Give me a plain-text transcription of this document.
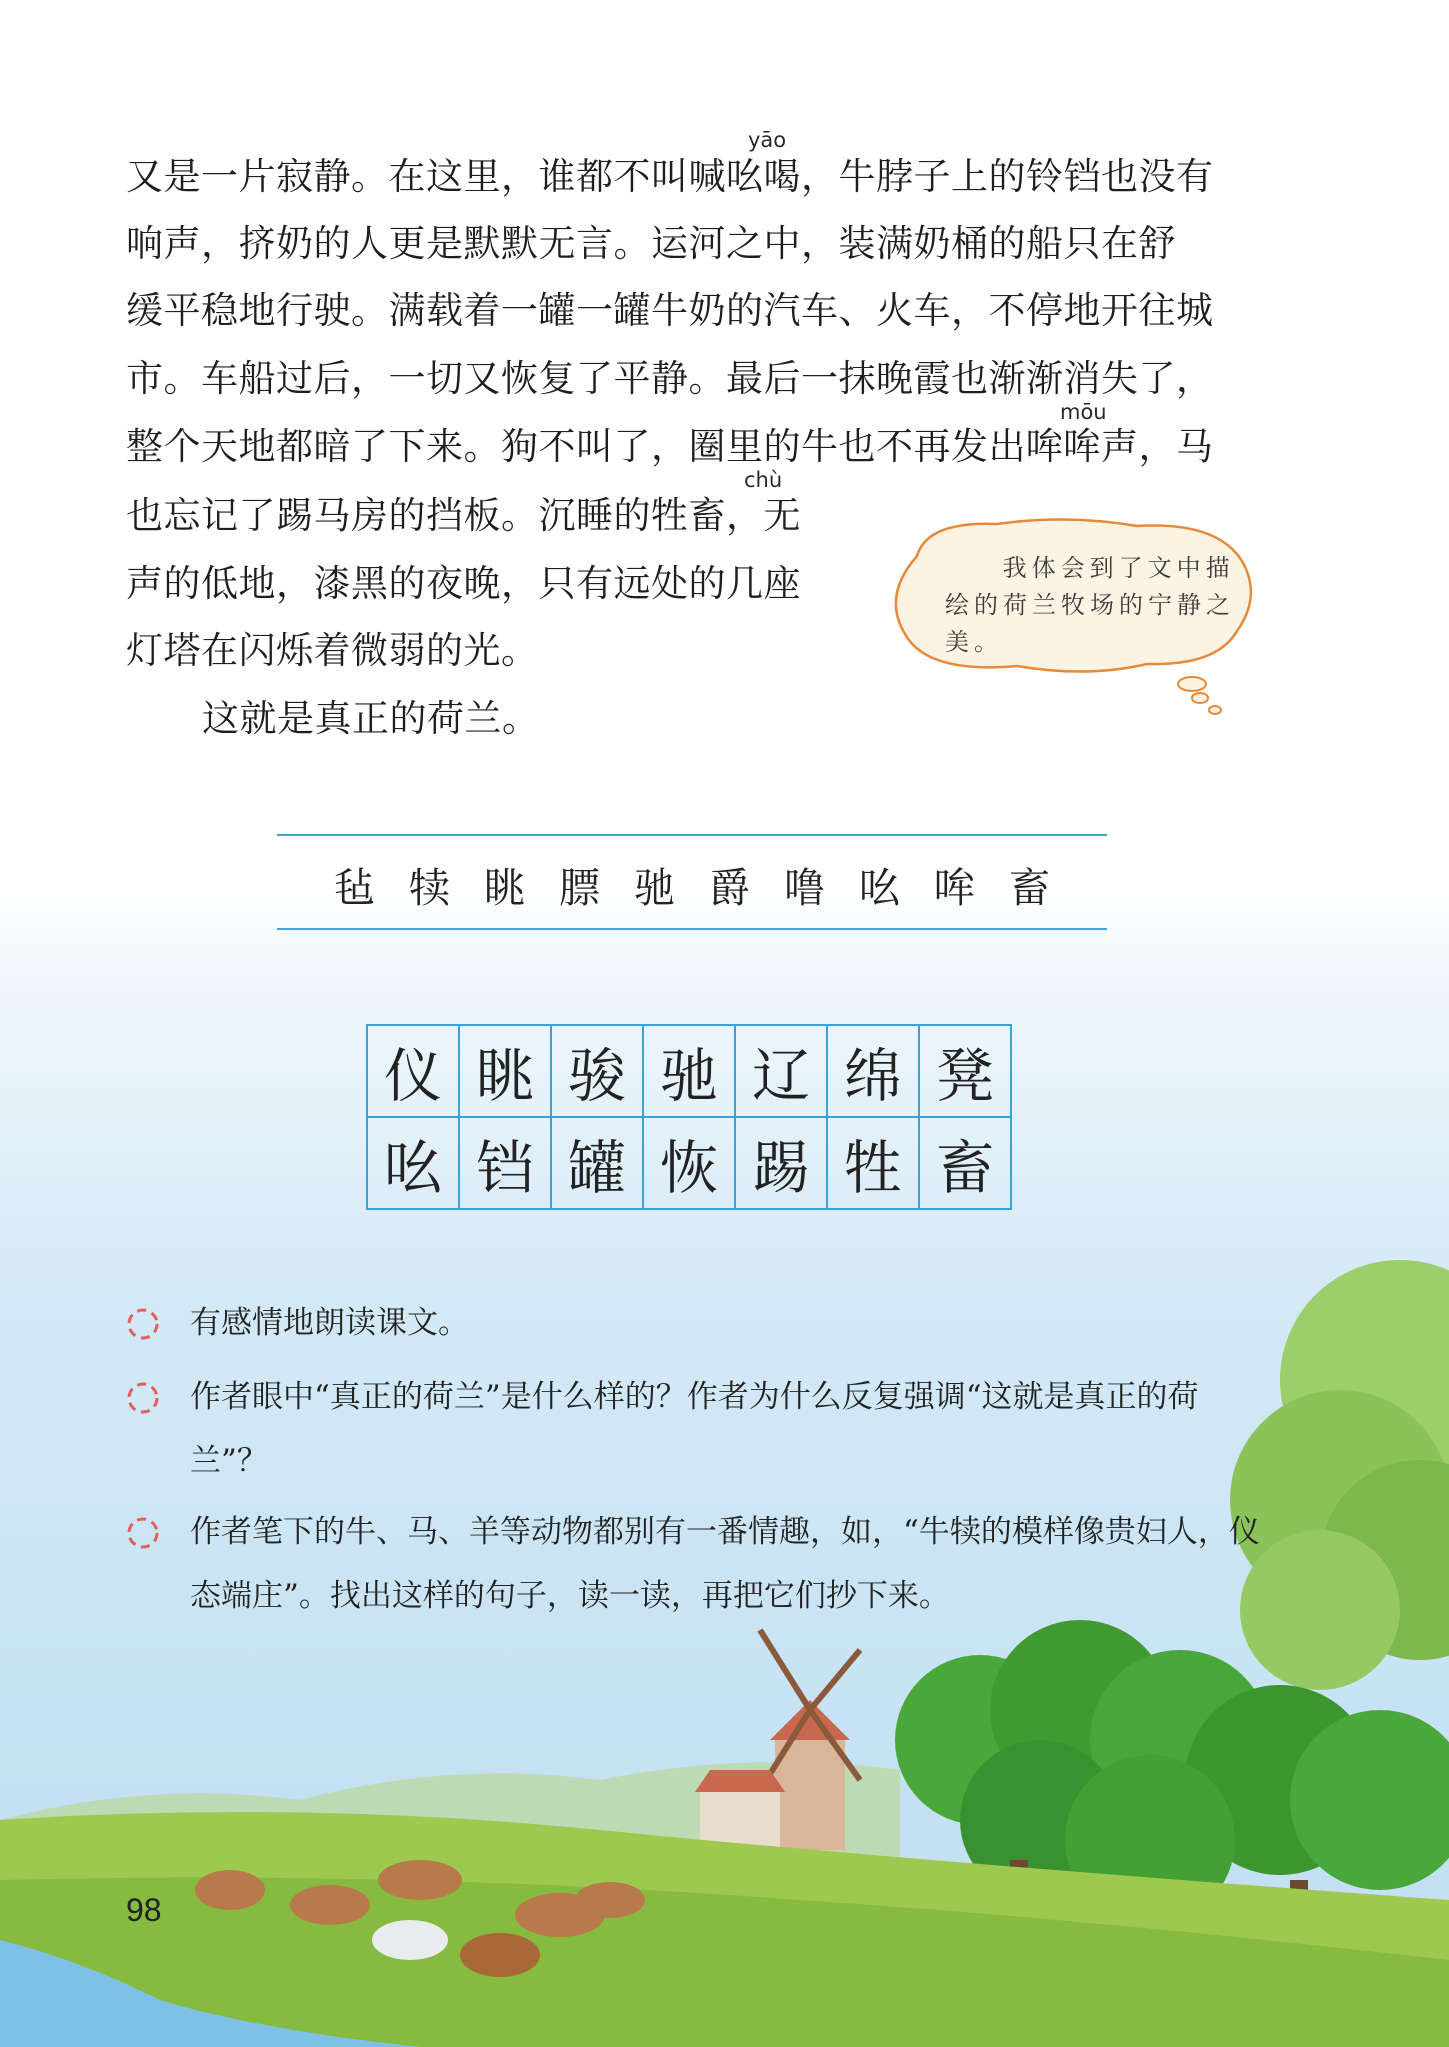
yāo
又是一片寂静。在这里，谁都不叫喊吆喝，牛脖子上的铃铛也没有
响声，挤奶的人更是默默无言。运河之中，装满奶桶的船只在舒
缓平稳地行驶。满载着一罐一罐牛奶的汽车、火车，不停地开往城
市。车船过后，一切又恢复了平静。最后一抹晚霞也渐渐消失了，
mōu
整个天地都暗了下来。狗不叫了，圈里的牛也不再发出哞哞声，马
chù
也忘记了踢马房的挡板。沉睡的牲畜，无
声的低地，漆黑的夜晚，只有远处的几座
灯塔在闪烁着微弱的光。
这就是真正的荷兰。
我体会到了文中描绘的荷兰牧场的宁静之美。
毡 犊 眺 膘 驰 爵 噜 吆 哞 畜
仪	眺	骏	驰	辽	绵	凳
吆	铛	罐	恢	踢	牲	畜
有感情地朗读课文。
作者眼中“真正的荷兰”是什么样的？作者为什么反复强调“这就是真正的荷兰”？
作者笔下的牛、马、羊等动物都别有一番情趣，如，“牛犊的模样像贵妇人，仪态端庄”。找出这样的句子，读一读，再把它们抄下来。
98
